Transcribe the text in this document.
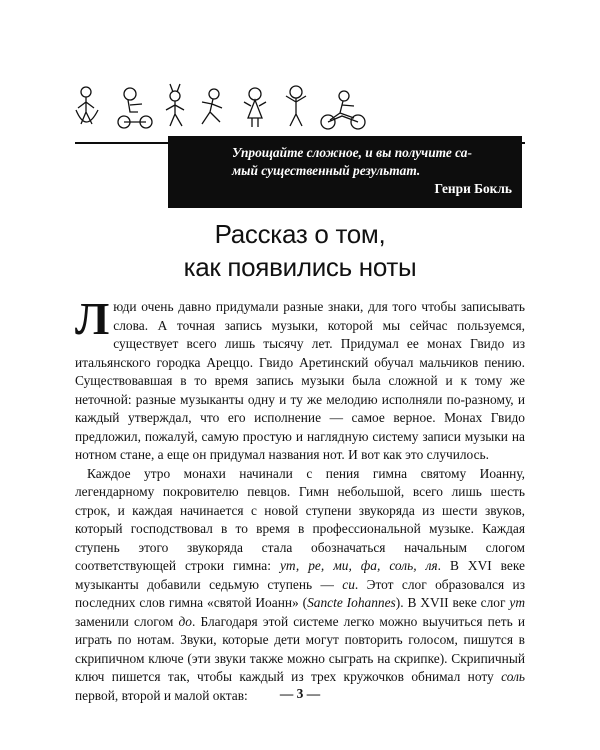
Упрощайте сложное, и вы получите са-

мый существенный результат.

Генри Бокль

Рассказ о том,
как появились ноты

Люди очень давно придумали разные знаки, для того чтобы записывать слова. А точная запись музыки, которой мы сейчас пользуемся, существует всего лишь тысячу лет. Придумал ее монах Гвидо из итальянского городка Ареццо. Гвидо Аретинский обучал мальчиков пению. Существовавшая в то время запись музыки была сложной и к тому же неточной: разные музыканты одну и ту же мелодию исполняли по-разному, и каждый утверждал, что его исполнение — самое верное. Монах Гвидо предложил, пожалуй, самую простую и наглядную систему записи музыки на нотном стане, а еще он придумал названия нот. И вот как это случилось.

Каждое утро монахи начинали с пения гимна святому Иоанну, легендарному покровителю певцов. Гимн небольшой, всего лишь шесть строк, и каждая начинается с новой ступени звукоряда из шести звуков, который господствовал в то время в профессиональной музыке. Каждая ступень этого звукоряда стала обозначаться начальным слогом соответствующей строки гимна: ут, ре, ми, фа, соль, ля. В XVI веке музыканты добавили седьмую ступень — си. Этот слог образовался из последних слов гимна «святой Иоанн» (Sancte Iohannes). В XVII веке слог ут заменили слогом до. Благодаря этой системе легко можно выучиться петь и играть по нотам. Звуки, которые дети могут повторить голосом, пишутся в скрипичном ключе (эти звуки также можно сыграть на скрипке). Скрипичный ключ пишется так, чтобы каждый из трех кружочков обнимал ноту соль первой, второй и малой октав:	— 3 —
